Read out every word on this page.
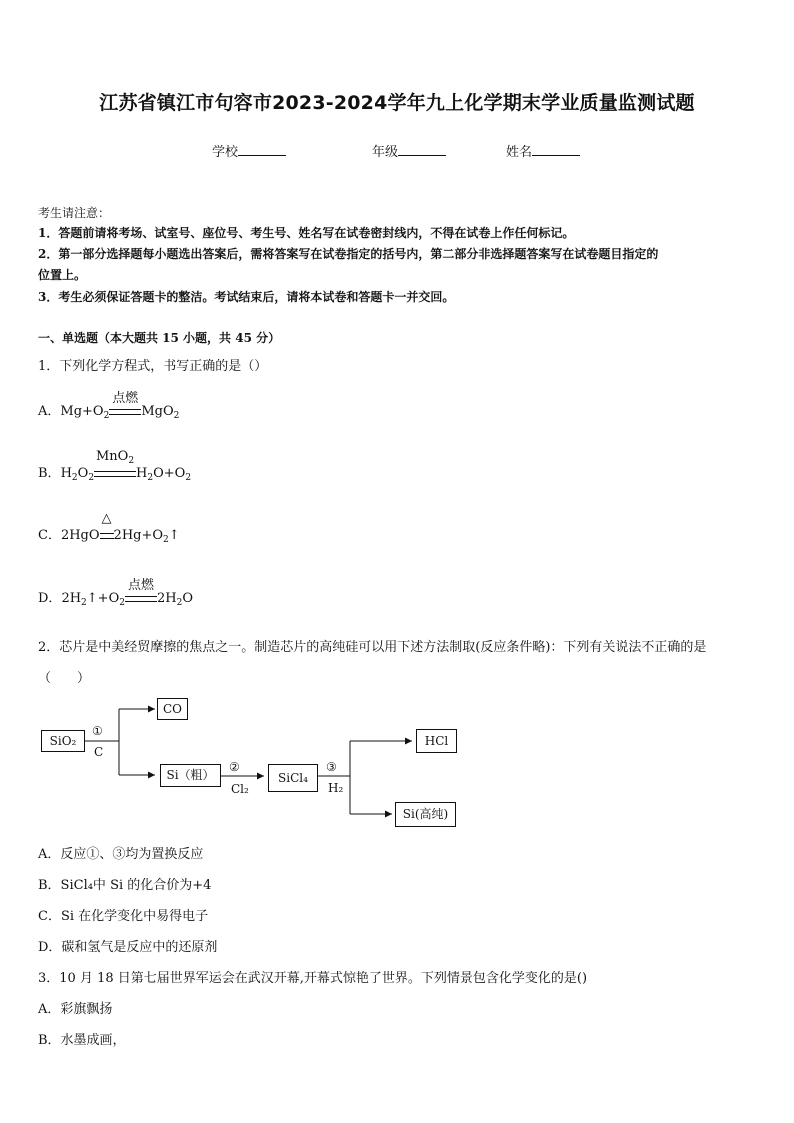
江苏省镇江市句容市2023-2024学年九上化学期末学业质量监测试题
学校	年级	姓名
考生请注意：
1．答题前请将考场、试室号、座位号、考生号、姓名写在试卷密封线内，不得在试卷上作任何标记。
2．第一部分选择题每小题选出答案后，需将答案写在试卷指定的括号内，第二部分非选择题答案写在试卷题目指定的
位置上。
3．考生必须保证答题卡的整洁。考试结束后，请将本试卷和答题卡一并交回。
一、单选题（本大题共 15 小题，共 45 分）
1．下列化学方程式，书写正确的是（）
A．$Mg+O_2$
点燃
MgO$_2$
B．$H_2O_2$
MnO$_2$
$H_2O+O_2$
C．2HgO
△
$2Hg+O_2↑$
D．$2H_2↑+O_2$
点燃
$2H_2O$
2．芯片是中美经贸摩擦的焦点之一。制造芯片的高纯硅可以用下述方法制取(反应条件略)：下列有关说法不正确的是
（　　）
SiO₂
CO
Si（粗）	SiCl₄
HCl
Si(高纯)
①
C
②
Cl₂
③
H₂
A．反应①、③均为置换反应
B．SiCl₄中 Si 的化合价为+4
C．Si 在化学变化中易得电子
D．碳和氢气是反应中的还原剂
3．10 月 18 日第七届世界军运会在武汉开幕,开幕式惊艳了世界。下列情景包含化学变化的是()
A．彩旗飘扬
B．水墨成画，
